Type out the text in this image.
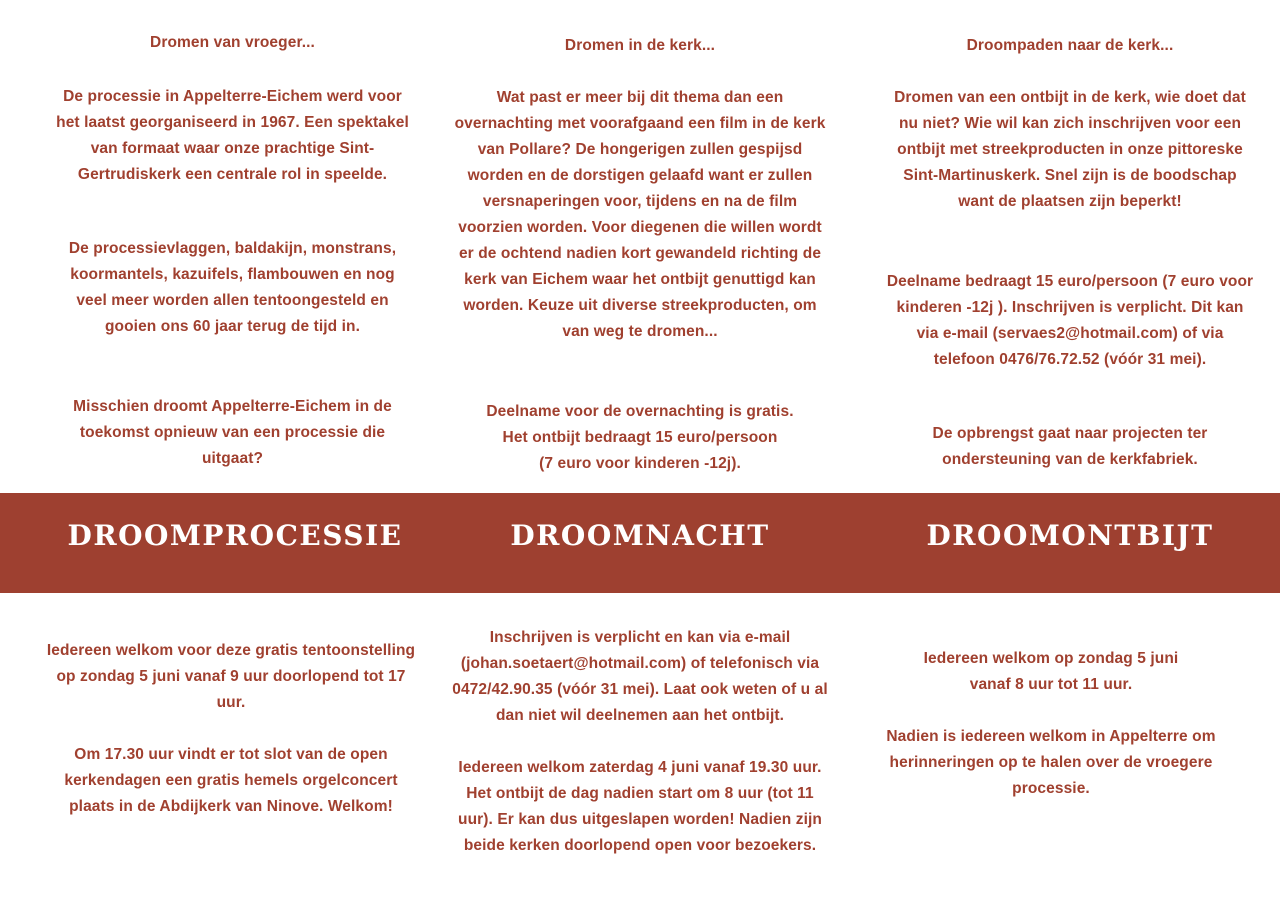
Dromen van vroeger...

De processie in Appelterre-Eichem werd voor het laatst georganiseerd in 1967. Een spektakel van formaat waar onze prachtige Sint-Gertrudiskerk een centrale rol in speelde.

De processievlaggen, baldakijn, monstrans, koormantels, kazuifels, flambouwen en nog veel meer worden allen tentoongesteld en gooien ons 60 jaar terug de tijd in.

Misschien droomt Appelterre-Eichem in de toekomst opnieuw van een processie die uitgaat?

Dromen in de kerk...

Wat past er meer bij dit thema dan een overnachting met voorafgaand een film in de kerk van Pollare? De hongerigen zullen gespijsd worden en de dorstigen gelaafd want er zullen versnaperingen voor, tijdens en na de film voorzien worden. Voor diegenen die willen wordt er de ochtend nadien kort gewandeld richting de kerk van Eichem waar het ontbijt genuttigd kan worden. Keuze uit diverse streekproducten, om van weg te dromen...

Deelname voor de overnachting is gratis.
Het ontbijt bedraagt 15 euro/persoon
(7 euro voor kinderen -12j).

Droompaden naar de kerk...

Dromen van een ontbijt in de kerk, wie doet dat nu niet? Wie wil kan zich inschrijven voor een ontbijt met streekproducten in onze pittoreske Sint-Martinuskerk. Snel zijn is de boodschap want de plaatsen zijn beperkt!

Deelname bedraagt 15 euro/persoon (7 euro voor kinderen -12j ). Inschrijven is verplicht. Dit kan via e-mail (servaes2@hotmail.com) of via telefoon 0476/76.72.52 (vóór 31 mei).

De opbrengst gaat naar projecten ter ondersteuning van de kerkfabriek.

DROOMPROCESSIE	DROOMNACHT	DROOMONTBIJT

Iedereen welkom voor deze gratis tentoonstelling op zondag 5 juni vanaf 9 uur doorlopend tot 17 uur.

Om 17.30 uur vindt er tot slot van de open kerkendagen een gratis hemels orgelconcert plaats in de Abdijkerk van Ninove. Welkom!

Inschrijven is verplicht en kan via e-mail (johan.soetaert@hotmail.com) of telefonisch via 0472/42.90.35 (vóór 31 mei). Laat ook weten of u al dan niet wil deelnemen aan het ontbijt.

Iedereen welkom zaterdag 4 juni vanaf 19.30 uur. Het ontbijt de dag nadien start om 8 uur (tot 11 uur). Er kan dus uitgeslapen worden! Nadien zijn beide kerken doorlopend open voor bezoekers.

Iedereen welkom op zondag 5 juni
vanaf 8 uur tot 11 uur.

Nadien is iedereen welkom in Appelterre om herinneringen op te halen over de vroegere processie.
